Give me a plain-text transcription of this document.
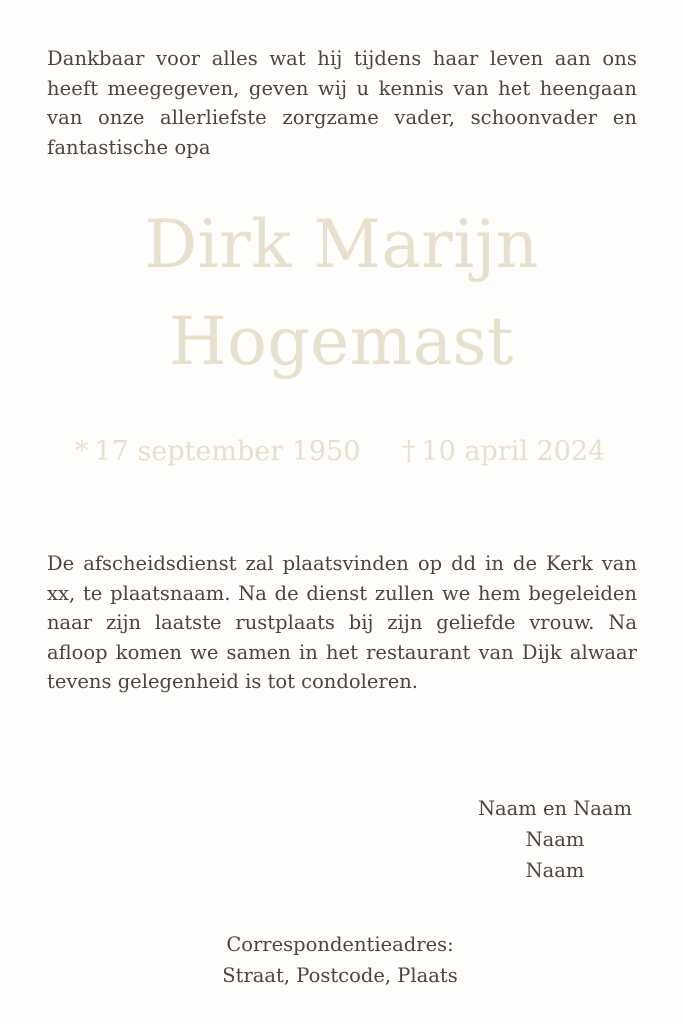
Dankbaar voor alles wat hij tijdens haar leven aan ons heeft meegegeven, geven wij u kennis van het heengaan van onze allerliefste zorgzame vader, schoonvader en fantastische opa

Dirk Marijn
Hogemast
* 17 september 1950 † 10 april 2024

De afscheidsdienst zal plaatsvinden op dd in de Kerk van xx, te plaatsnaam. Na de dienst zullen we hem begeleiden naar zijn laatste rustplaats bij zijn geliefde vrouw. Na afloop komen we samen in het restaurant van Dijk alwaar tevens gelegenheid is tot condoleren.

Naam en Naam
Naam
Naam
Correspondentieadres:
Straat, Postcode, Plaats
